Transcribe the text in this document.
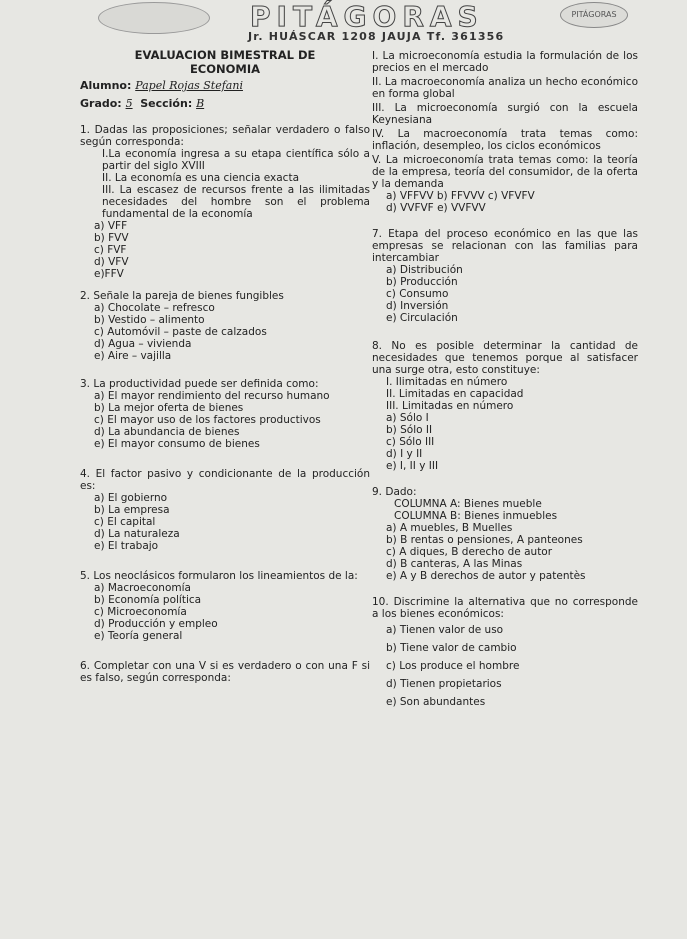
PITÁGORAS	PITÁGORAS
Jr. HUÁSCAR 1208 JAUJA Tf. 361356

EVALUACION BIMESTRAL DE

ECONOMIA

Alumno: Papel Rojas Stefani

Grado: 5 Sección: B

1. Dadas las proposiciones; señalar verdadero o falso según corresponda:

I.La economía ingresa a su etapa científica sólo a partir del siglo XVIII

II. La economía es una ciencia exacta

III. La escasez de recursos frente a las ilimitadas necesidades del hombre son el problema fundamental de la economía

a) VFF

b) FVV

c) FVF

d) VFV

e)FFV

2. Señale la pareja de bienes fungibles

a) Chocolate – refresco

b) Vestido – alimento

c) Automóvil – paste de calzados

d) Agua – vivienda

e) Aire – vajilla

3. La productividad puede ser definida como:

a) El mayor rendimiento del recurso humano

b) La mejor oferta de bienes

c) El mayor uso de los factores productivos

d) La abundancia de bienes

e) El mayor consumo de bienes

4. El factor pasivo y condicionante de la producción es:

a) El gobierno

b) La empresa

c) El capital

d) La naturaleza

e) El trabajo

5. Los neoclásicos formularon los lineamientos de la:

a) Macroeconomía

b) Economía política

c) Microeconomía

d) Producción y empleo

e) Teoría general

6. Completar con una V si es verdadero o con una F si es falso, según corresponda:

I. La microeconomía estudia la formulación de los precios en el mercado

II. La macroeconomía analiza un hecho económico en forma global

III. La microeconomía surgió con la escuela Keynesiana

IV. La macroeconomía trata temas como: inflación, desempleo, los ciclos económicos

V. La microeconomía trata temas como: la teoría de la empresa, teoría del consumidor, de la oferta y la demanda

a) VFFVV b) FFVVV c) VFVFV

d) VVFVF e) VVFVV

7. Etapa del proceso económico en las que las empresas se relacionan con las familias para intercambiar

a) Distribución

b) Producción

c) Consumo

d) Inversión

e) Circulación

8. No es posible determinar la cantidad de necesidades que tenemos porque al satisfacer una surge otra, esto constituye:

I. Ilimitadas en número

II. Limitadas en capacidad

III. Limitadas en número

a) Sólo I

b) Sólo II

c) Sólo III

d) I y II

e) I, II y III

9. Dado:

COLUMNA A: Bienes mueble

COLUMNA B: Bienes inmuebles

a) A muebles, B Muelles

b) B rentas o pensiones, A panteones

c) A diques, B derecho de autor

d) B canteras, A las Minas

e) A y B derechos de autor y patentès

10. Discrimine la alternativa que no corresponde a los bienes económicos:

a) Tienen valor de uso

b) Tiene valor de cambio

c) Los produce el hombre

d) Tienen propietarios

e) Son abundantes
